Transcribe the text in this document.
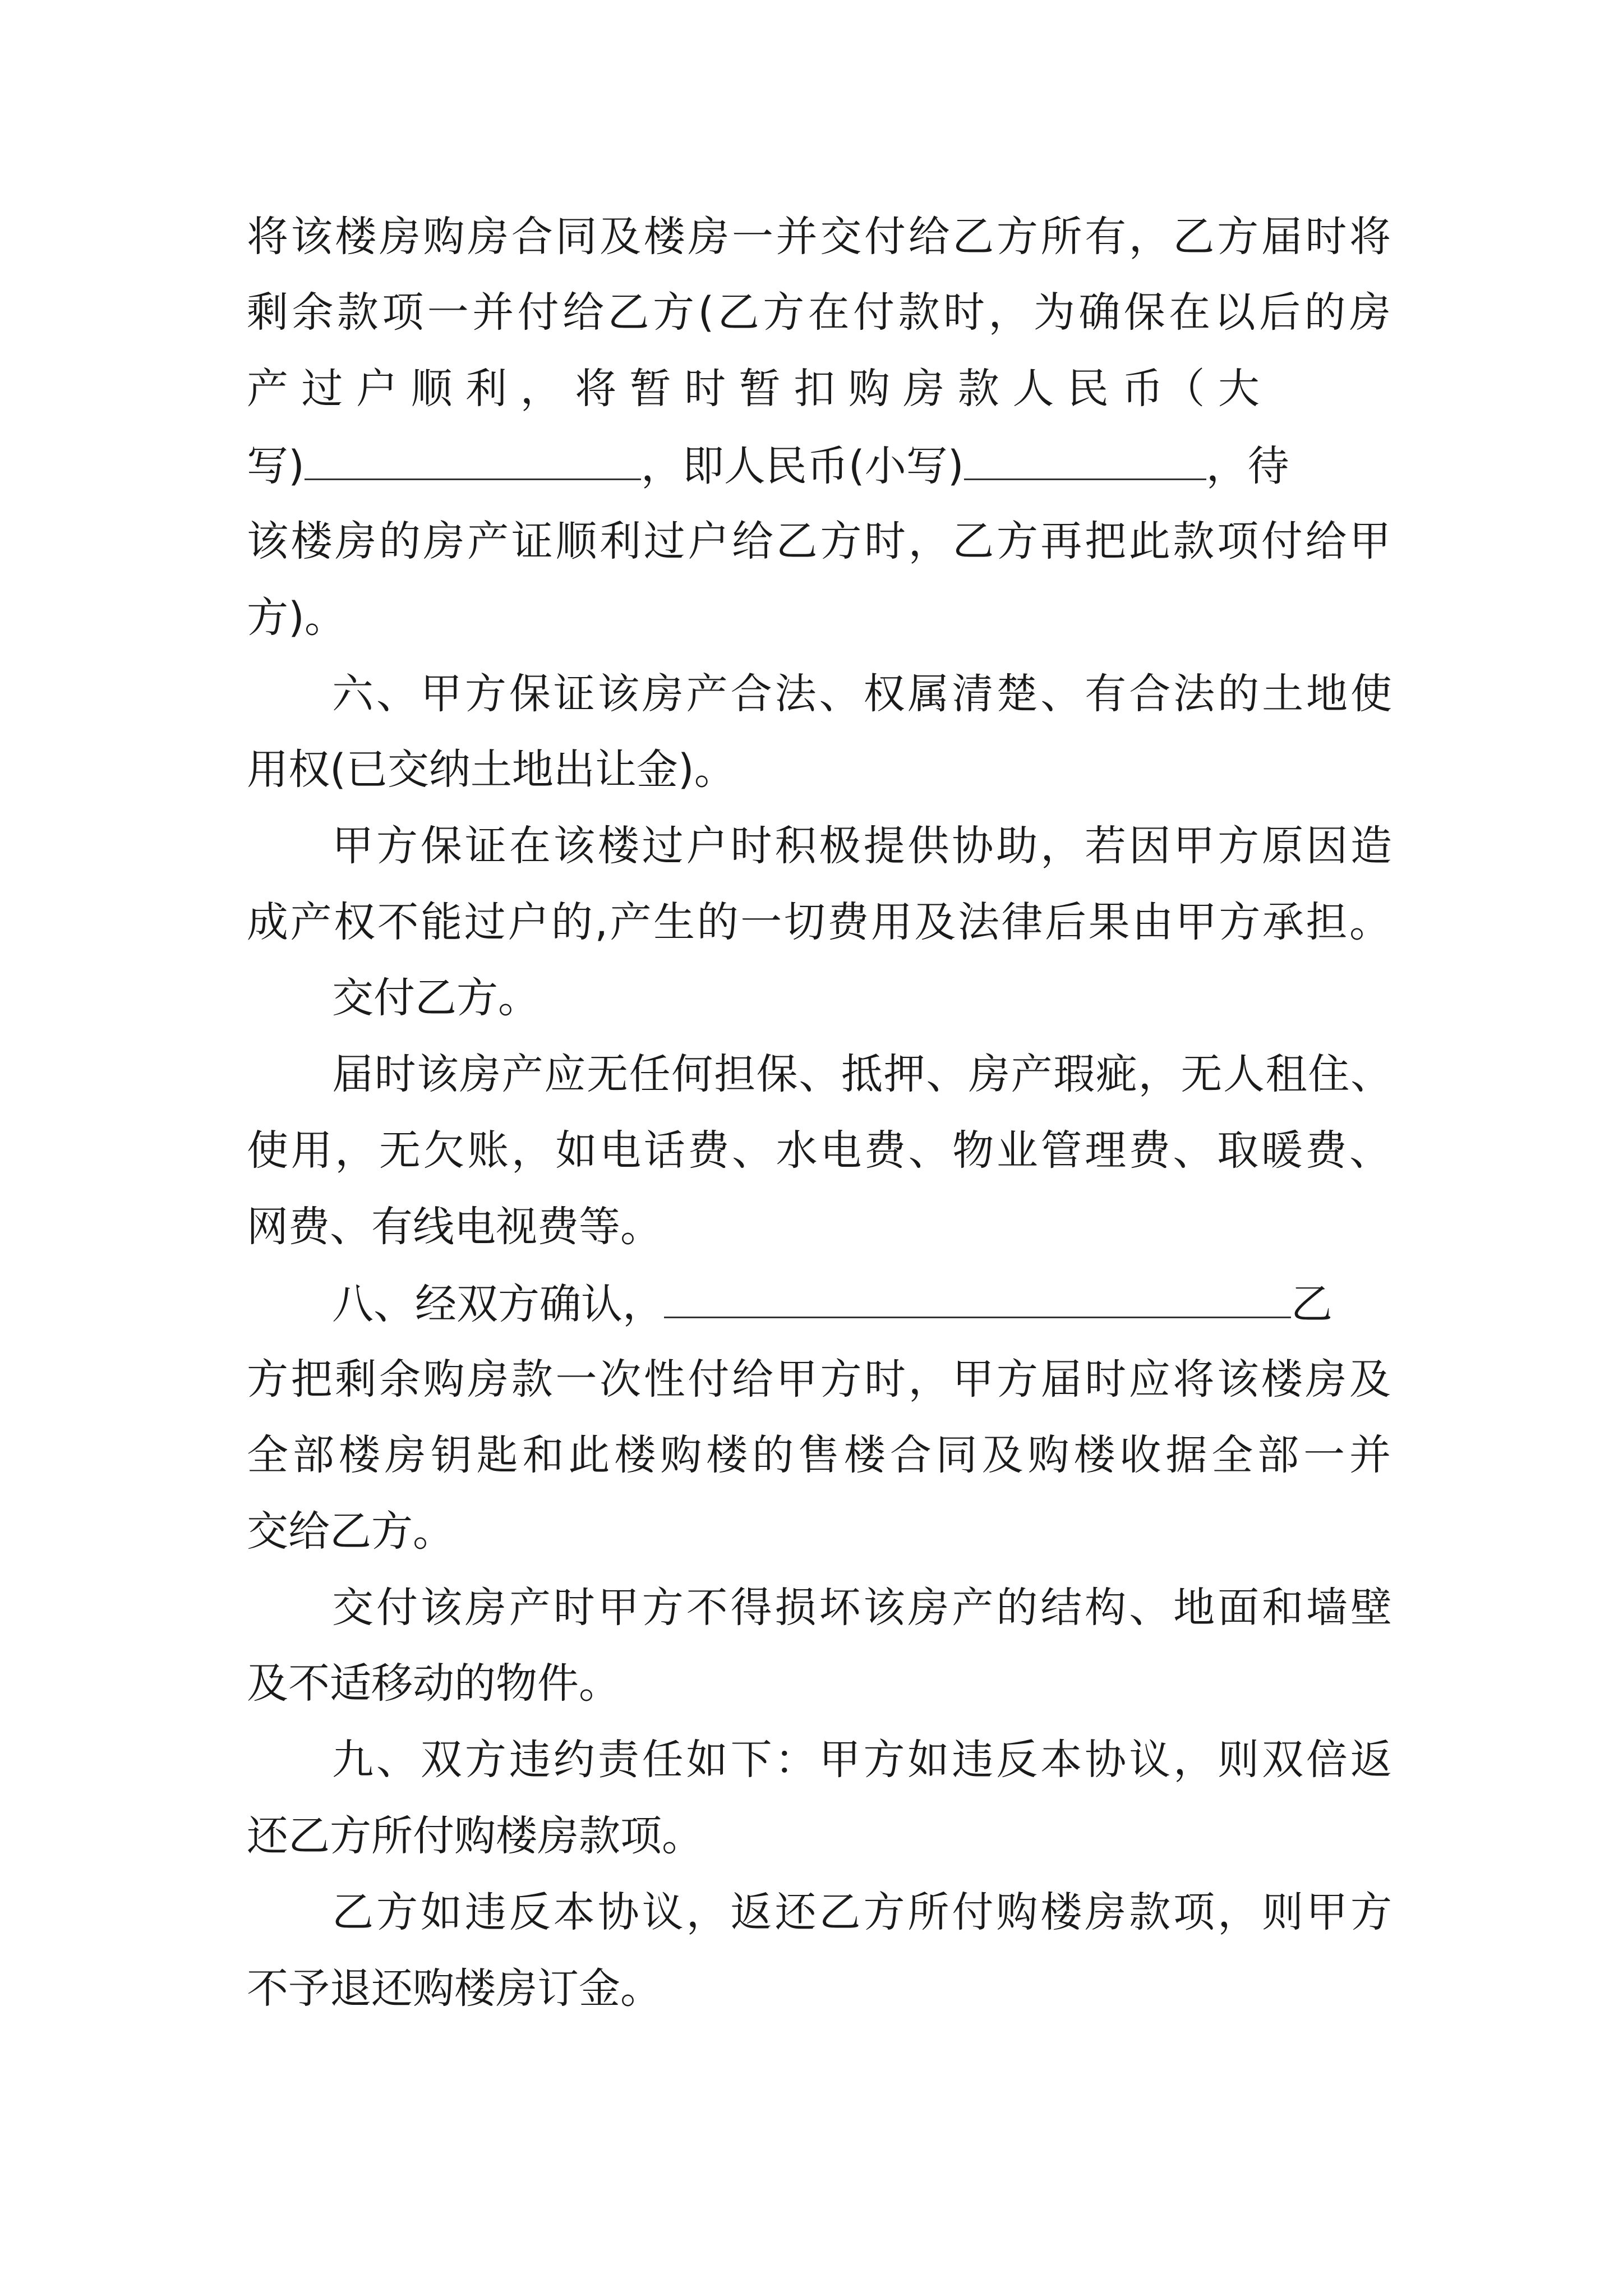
将该楼房购房合同及楼房一并交付给乙方所有，乙方届时将

剩余款项一并付给乙方(乙方在付款时，为确保在以后的房

产 过 户 顺 利 ， 将 暂 时 暂 扣 购 房 款 人 民 币（ 大

写)	，即人民币(小写)	，待

该楼房的房产证顺利过户给乙方时，乙方再把此款项付给甲

方)。

六、甲方保证该房产合法、权属清楚、有合法的土地使

用权(已交纳土地出让金)。

甲方保证在该楼过户时积极提供协助，若因甲方原因造

成产权不能过户的,产生的一切费用及法律后果由甲方承担。

交付乙方。

届时该房产应无任何担保、抵押、房产瑕疵，无人租住、

使用，无欠账，如电话费、水电费、物业管理费、取暖费、

网费、有线电视费等。

八、经双方确认，	乙

方把剩余购房款一次性付给甲方时，甲方届时应将该楼房及

全部楼房钥匙和此楼购楼的售楼合同及购楼收据全部一并

交给乙方。

交付该房产时甲方不得损坏该房产的结构、地面和墙壁

及不适移动的物件。

九、双方违约责任如下：甲方如违反本协议，则双倍返

还乙方所付购楼房款项。

乙方如违反本协议，返还乙方所付购楼房款项，则甲方

不予退还购楼房订金。
